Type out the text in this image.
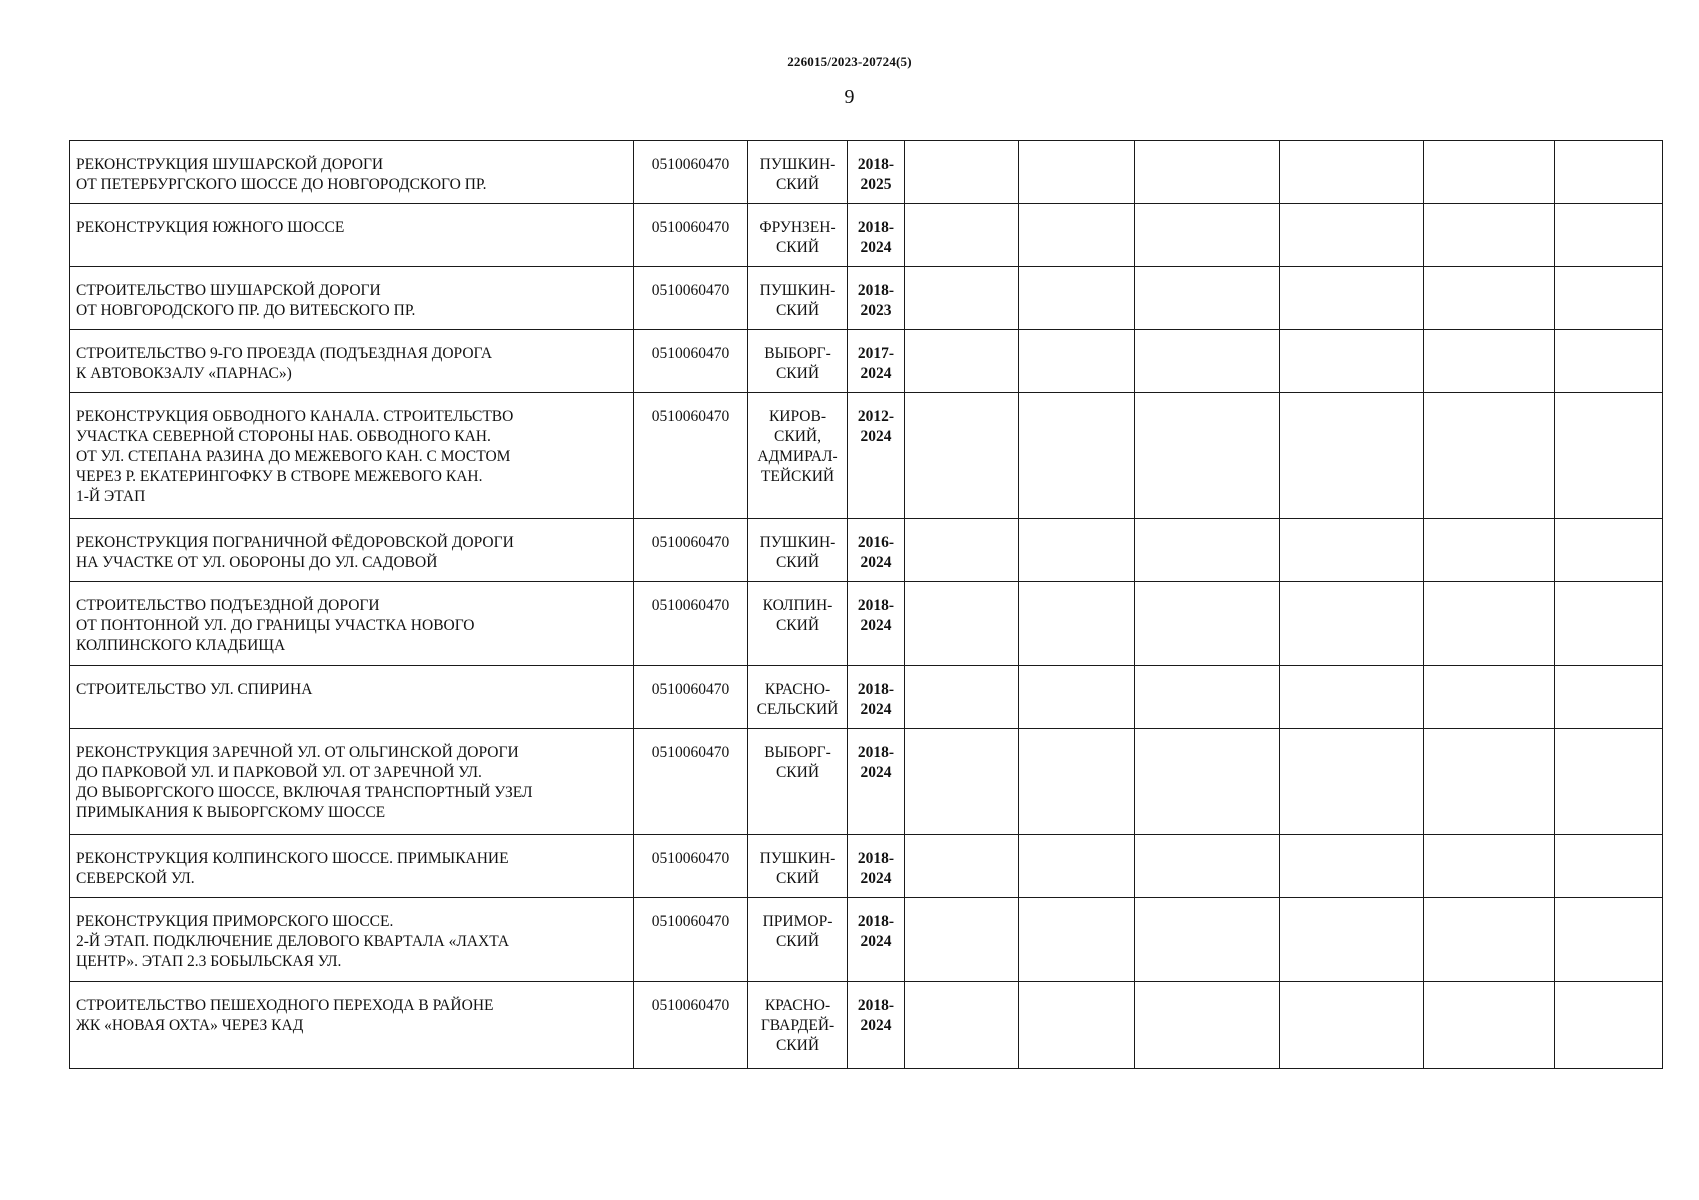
226015/2023-20724(5)
9
РЕКОНСТРУКЦИЯ ШУШАРСКОЙ ДОРОГИ
ОТ ПЕТЕРБУРГСКОГО ШОССЕ ДО НОВГОРОДСКОГО ПР.	0510060470	ПУШКИН-
СКИЙ	2018-
2025						

РЕКОНСТРУКЦИЯ ЮЖНОГО ШОССЕ	0510060470	ФРУНЗЕН-
СКИЙ	2018-
2024						

СТРОИТЕЛЬСТВО ШУШАРСКОЙ ДОРОГИ
ОТ НОВГОРОДСКОГО ПР. ДО ВИТЕБСКОГО ПР.	0510060470	ПУШКИН-
СКИЙ	2018-
2023						

СТРОИТЕЛЬСТВО 9-ГО ПРОЕЗДА (ПОДЪЕЗДНАЯ ДОРОГА
К АВТОВОКЗАЛУ «ПАРНАС»)	0510060470	ВЫБОРГ-
СКИЙ	2017-
2024						

РЕКОНСТРУКЦИЯ ОБВОДНОГО КАНАЛА. СТРОИТЕЛЬСТВО
УЧАСТКА СЕВЕРНОЙ СТОРОНЫ НАБ. ОБВОДНОГО КАН.
ОТ УЛ. СТЕПАНА РАЗИНА ДО МЕЖЕВОГО КАН. С МОСТОМ
ЧЕРЕЗ Р. ЕКАТЕРИНГОФКУ В СТВОРЕ МЕЖЕВОГО КАН.
1-Й ЭТАП	0510060470	КИРОВ-
СКИЙ,
АДМИРАЛ-
ТЕЙСКИЙ	2012-
2024						

РЕКОНСТРУКЦИЯ ПОГРАНИЧНОЙ ФЁДОРОВСКОЙ ДОРОГИ
НА УЧАСТКЕ ОТ УЛ. ОБОРОНЫ ДО УЛ. САДОВОЙ	0510060470	ПУШКИН-
СКИЙ	2016-
2024						

СТРОИТЕЛЬСТВО ПОДЪЕЗДНОЙ ДОРОГИ
ОТ ПОНТОННОЙ УЛ. ДО ГРАНИЦЫ УЧАСТКА НОВОГО
КОЛПИНСКОГО КЛАДБИЩА	0510060470	КОЛПИН-
СКИЙ	2018-
2024						

СТРОИТЕЛЬСТВО УЛ. СПИРИНА	0510060470	КРАСНО-
СЕЛЬСКИЙ	2018-
2024						

РЕКОНСТРУКЦИЯ ЗАРЕЧНОЙ УЛ. ОТ ОЛЬГИНСКОЙ ДОРОГИ
ДО ПАРКОВОЙ УЛ. И ПАРКОВОЙ УЛ. ОТ ЗАРЕЧНОЙ УЛ.
ДО ВЫБОРГСКОГО ШОССЕ, ВКЛЮЧАЯ ТРАНСПОРТНЫЙ УЗЕЛ
ПРИМЫКАНИЯ К ВЫБОРГСКОМУ ШОССЕ	0510060470	ВЫБОРГ-
СКИЙ	2018-
2024						

РЕКОНСТРУКЦИЯ КОЛПИНСКОГО ШОССЕ. ПРИМЫКАНИЕ
СЕВЕРСКОЙ УЛ.	0510060470	ПУШКИН-
СКИЙ	2018-
2024						

РЕКОНСТРУКЦИЯ ПРИМОРСКОГО ШОССЕ.
2-Й ЭТАП. ПОДКЛЮЧЕНИЕ ДЕЛОВОГО КВАРТАЛА «ЛАХТА
ЦЕНТР». ЭТАП 2.3 БОБЫЛЬСКАЯ УЛ.	0510060470	ПРИМОР-
СКИЙ	2018-
2024						

СТРОИТЕЛЬСТВО ПЕШЕХОДНОГО ПЕРЕХОДА В РАЙОНЕ
ЖК «НОВАЯ ОХТА» ЧЕРЕЗ КАД	0510060470	КРАСНО-
ГВАРДЕЙ-
СКИЙ	2018-
2024						
